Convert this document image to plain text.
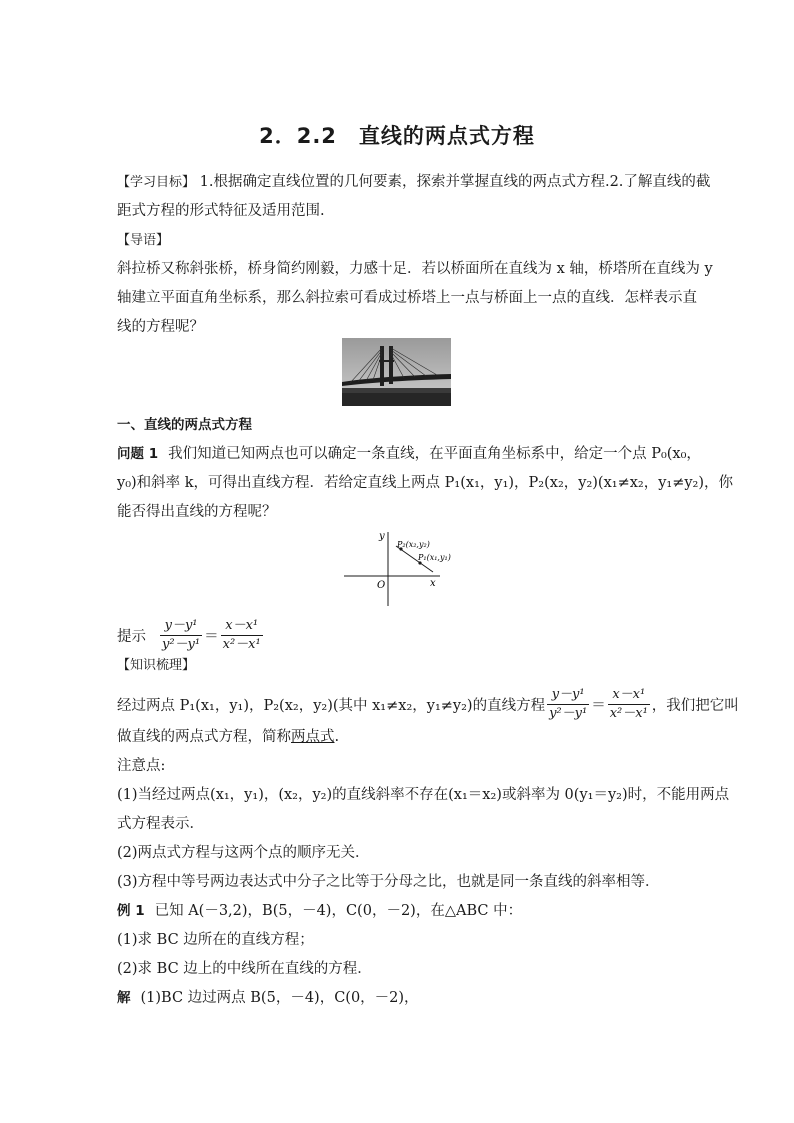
2．2.2　直线的两点式方程
【学习目标】 1.根据确定直线位置的几何要素，探索并掌握直线的两点式方程.2.了解直线的截
距式方程的形式特征及适用范围.
【导语】
斜拉桥又称斜张桥，桥身简约刚毅，力感十足．若以桥面所在直线为 x 轴，桥塔所在直线为 y
轴建立平面直角坐标系，那么斜拉索可看成过桥塔上一点与桥面上一点的直线．怎样表示直
线的方程呢？
一、直线的两点式方程
问题 1 我们知道已知两点也可以确定一条直线，在平面直角坐标系中，给定一个点 P₀(x₀，
y₀)和斜率 k，可得出直线方程．若给定直线上两点 P₁(x₁，y₁)，P₂(x₂，y₂)(x₁≠x₂，y₁≠y₂)，你
能否得出直线的方程呢？
y
x
O
P₂(x₂,y₂)
P₁(x₁,y₁)
提示 $\frac{\text{y－y¹}}{\text{y²－y¹}} = \frac{\text{x－x¹}}{\text{x²－x¹}}$
【知识梳理】
经过两点 P₁(x₁，y₁)，P₂(x₂，y₂)(其中 x₁≠x₂，y₁≠y₂)的直线方程 $\frac{\text{y－y¹}}{\text{y²－y¹}} = \frac{\text{x－x¹}}{\text{x²－x¹}}$ ，我们把它叫
做直线的两点式方程，简称两点式.
注意点:
(1)当经过两点(x₁，y₁)，(x₂，y₂)的直线斜率不存在(x₁＝x₂)或斜率为 0(y₁＝y₂)时，不能用两点
式方程表示．
(2)两点式方程与这两个点的顺序无关．
(3)方程中等号两边表达式中分子之比等于分母之比，也就是同一条直线的斜率相等．
例 1 已知 A(－3,2)，B(5，－4)，C(0，－2)，在△ABC 中：
(1)求 BC 边所在的直线方程；
(2)求 BC 边上的中线所在直线的方程．
解 (1)BC 边过两点 B(5，－4)，C(0，－2)，
